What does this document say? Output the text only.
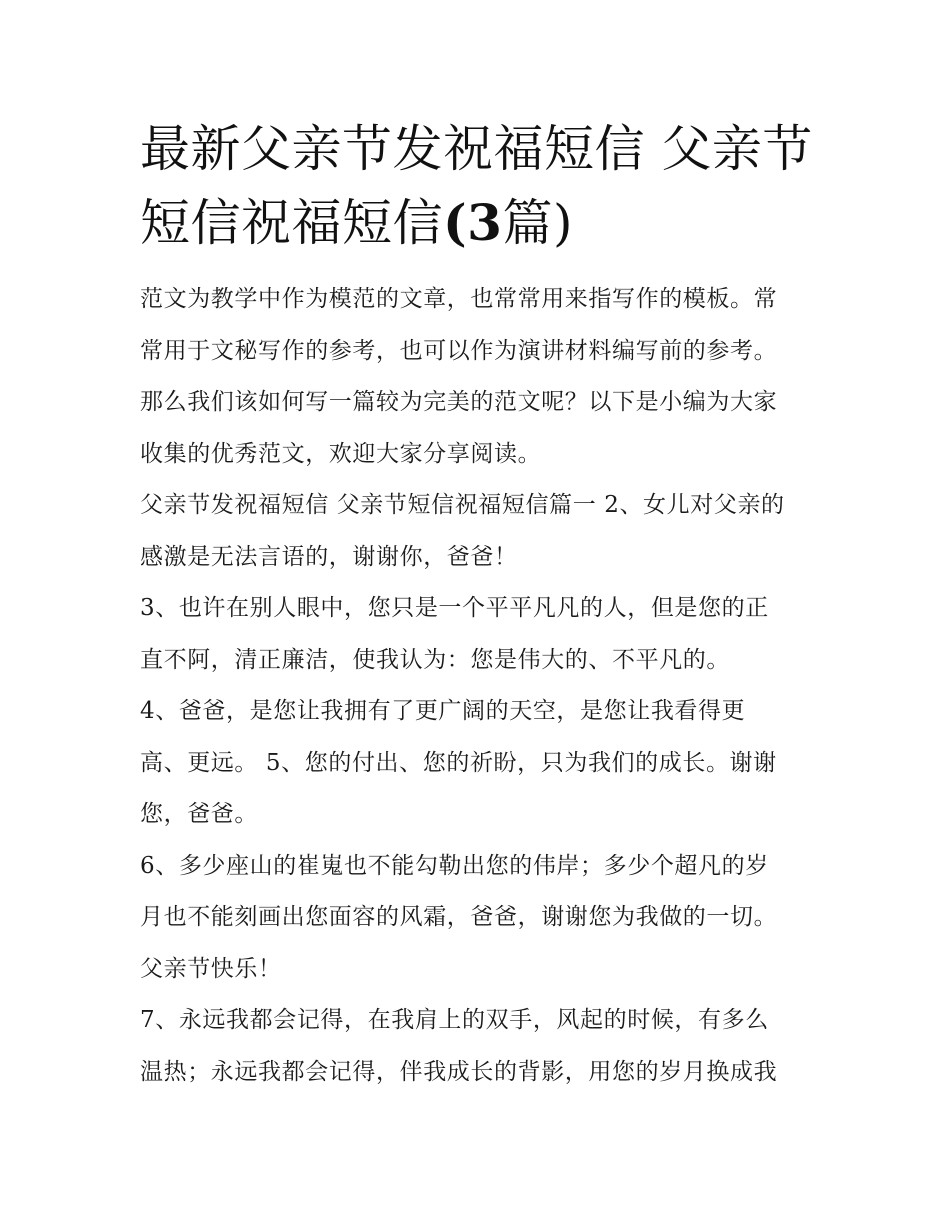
最新父亲节发祝福短信 父亲节
短信祝福短信(3篇)
范文为教学中作为模范的文章，也常常用来指写作的模板。常
常用于文秘写作的参考，也可以作为演讲材料编写前的参考。
那么我们该如何写一篇较为完美的范文呢？以下是小编为大家
收集的优秀范文，欢迎大家分享阅读。
父亲节发祝福短信 父亲节短信祝福短信篇一 2、女儿对父亲的
感激是无法言语的，谢谢你，爸爸！
3、也许在别人眼中，您只是一个平平凡凡的人，但是您的正
直不阿，清正廉洁，使我认为：您是伟大的、不平凡的。
4、爸爸，是您让我拥有了更广阔的天空，是您让我看得更
高、更远。 5、您的付出、您的祈盼，只为我们的成长。谢谢
您，爸爸。
6、多少座山的崔嵬也不能勾勒出您的伟岸；多少个超凡的岁
月也不能刻画出您面容的风霜，爸爸，谢谢您为我做的一切。
父亲节快乐！
7、永远我都会记得，在我肩上的双手，风起的时候，有多么
温热；永远我都会记得，伴我成长的背影，用您的岁月换成我
